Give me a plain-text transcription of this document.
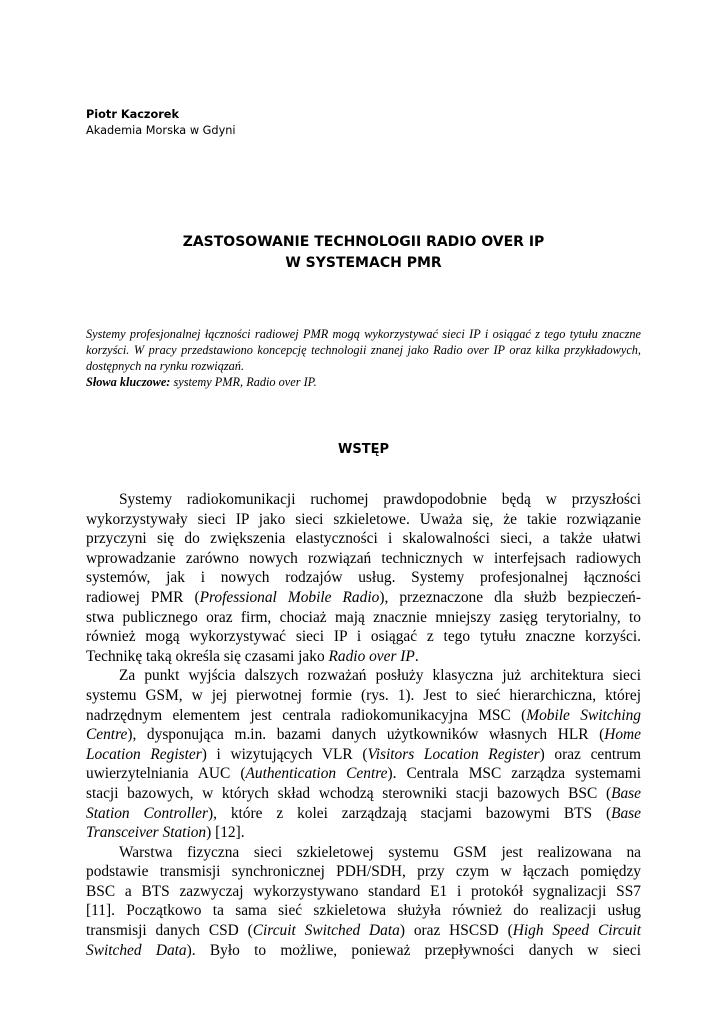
Piotr Kaczorek
Akademia Morska w Gdyni
ZASTOSOWANIE TECHNOLOGII RADIO OVER IP
W SYSTEMACH PMR

Systemy profesjonalnej łączności radiowej PMR mogą wykorzystywać sieci IP i osiągać z tego tytułu znaczne korzyści. W pracy przedstawiono koncepcję technologii znanej jako Radio over IP oraz kilka przykładowych, dostępnych na rynku rozwiązań.

Słowa kluczowe: systemy PMR, Radio over IP.

WSTĘP
Systemy radiokomunikacji ruchomej prawdopodobnie będą w przyszłości
wykorzystywały sieci IP jako sieci szkieletowe. Uważa się, że takie rozwiązanie
przyczyni się do zwiększenia elastyczności i skalowalności sieci, a także ułatwi
wprowadzanie zarówno nowych rozwiązań technicznych w interfejsach radiowych
systemów, jak i nowych rodzajów usług. Systemy profesjonalnej łączności
radiowej PMR (Professional Mobile Radio), przeznaczone dla służb bezpieczeń-
stwa publicznego oraz firm, chociaż mają znacznie mniejszy zasięg terytorialny, to
również mogą wykorzystywać sieci IP i osiągać z tego tytułu znaczne korzyści.
Technikę taką określa się czasami jako Radio over IP.
Za punkt wyjścia dalszych rozważań posłuży klasyczna już architektura sieci
systemu GSM, w jej pierwotnej formie (rys. 1). Jest to sieć hierarchiczna, której
nadrzędnym elementem jest centrala radiokomunikacyjna MSC (Mobile Switching
Centre), dysponująca m.in. bazami danych użytkowników własnych HLR (Home
Location Register) i wizytujących VLR (Visitors Location Register) oraz centrum
uwierzytelniania AUC (Authentication Centre). Centrala MSC zarządza systemami
stacji bazowych, w których skład wchodzą sterowniki stacji bazowych BSC (Base
Station Controller), które z kolei zarządzają stacjami bazowymi BTS (Base
Transceiver Station) [12].
Warstwa fizyczna sieci szkieletowej systemu GSM jest realizowana na
podstawie transmisji synchronicznej PDH/SDH, przy czym w łączach pomiędzy
BSC a BTS zazwyczaj wykorzystywano standard E1 i protokół sygnalizacji SS7
[11]. Początkowo ta sama sieć szkieletowa służyła również do realizacji usług
transmisji danych CSD (Circuit Switched Data) oraz HSCSD (High Speed Circuit
Switched Data). Było to możliwe, ponieważ przepływności danych w sieci
